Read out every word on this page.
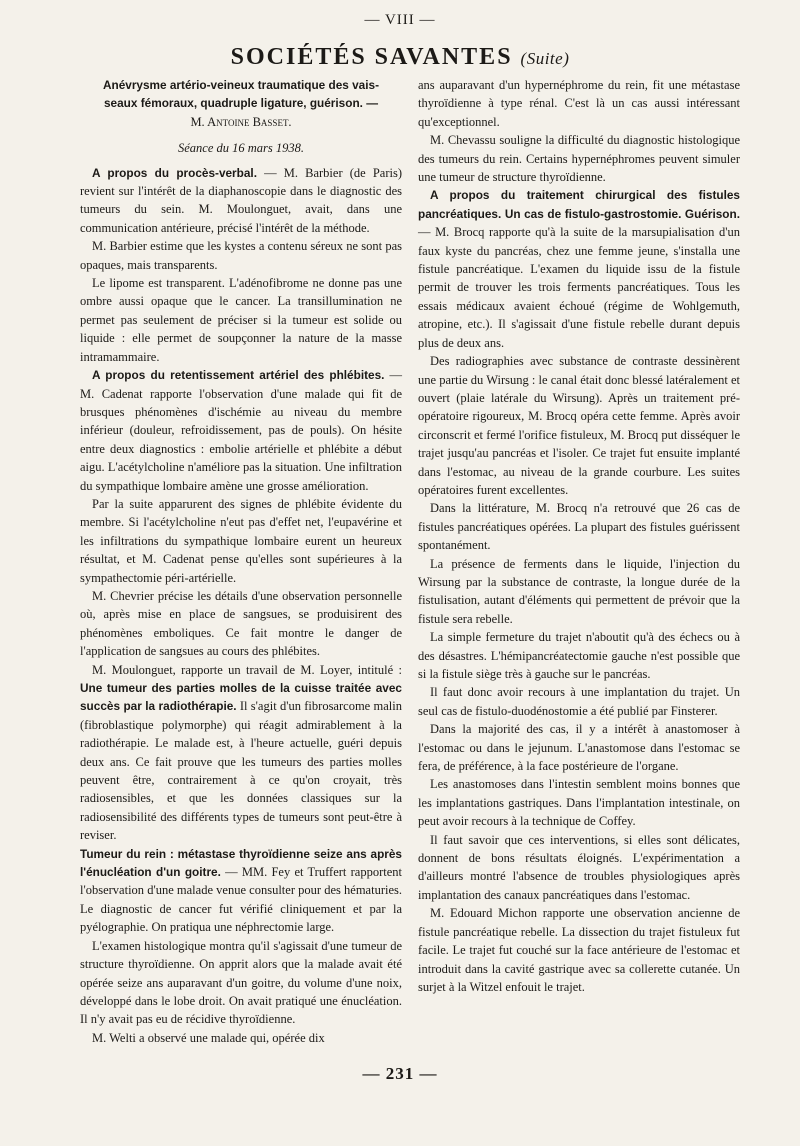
— VIII —
SOCIÉTÉS SAVANTES (Suite)

Anévrysme artério-veineux traumatique des vais-

seaux fémoraux, quadruple ligature, guérison. —

M. Antoine Basset.

Séance du 16 mars 1938.

A propos du procès-verbal. — M. Barbier (de Paris) revient sur l'intérêt de la diaphanoscopie dans le diagnostic des tumeurs du sein. M. Moulonguet, avait, dans une communication antérieure, précisé l'intérêt de la méthode.

M. Barbier estime que les kystes a contenu séreux ne sont pas opaques, mais transparents.

Le lipome est transparent. L'adénofibrome ne donne pas une ombre aussi opaque que le cancer. La transillumination ne permet pas seulement de préciser si la tumeur est solide ou liquide : elle permet de soupçonner la nature de la masse intramammaire.

A propos du retentissement artériel des phlébites. — M. Cadenat rapporte l'observation d'une malade qui fit de brusques phénomènes d'ischémie au niveau du membre inférieur (douleur, refroidissement, pas de pouls). On hésite entre deux diagnostics : embolie artérielle et phlébite a début aigu. L'acétylcholine n'améliore pas la situation. Une infiltration du sympathique lombaire amène une grosse amélioration.

Par la suite apparurent des signes de phlébite évidente du membre. Si l'acétylcholine n'eut pas d'effet net, l'eupavérine et les infiltrations du sympathique lombaire eurent un heureux résultat, et M. Cadenat pense qu'elles sont supérieures à la sympathectomie péri-artérielle.

M. Chevrier précise les détails d'une observation personnelle où, après mise en place de sangsues, se produisirent des phénomènes emboliques. Ce fait montre le danger de l'application de sangsues au cours des phlébites.

M. Moulonguet, rapporte un travail de M. Loyer, intitulé : Une tumeur des parties molles de la cuisse traitée avec succès par la radiothérapie. Il s'agit d'un fibrosarcome malin (fibroblastique polymorphe) qui réagit admirablement à la radiothérapie. Le malade est, à l'heure actuelle, guéri depuis deux ans. Ce fait prouve que les tumeurs des parties molles peuvent être, contrairement à ce qu'on croyait, très radiosensibles, et que les données classiques sur la radiosensibilité des différents types de tumeurs sont peut-être à reviser.

Tumeur du rein : métastase thyroïdienne seize ans après l'énucléation d'un goitre. — MM. Fey et Truffert rapportent l'observation d'une malade venue consulter pour des hématuries. Le diagnostic de cancer fut vérifié cliniquement et par la pyélographie. On pratiqua une néphrectomie large.

L'examen histologique montra qu'il s'agissait d'une tumeur de structure thyroïdienne. On apprit alors que la malade avait été opérée seize ans auparavant d'un goitre, du volume d'une noix, développé dans le lobe droit. On avait pratiqué une énucléation. Il n'y avait pas eu de récidive thyroïdienne.

M. Welti a observé une malade qui, opérée dix

ans auparavant d'un hypernéphrome du rein, fit une métastase thyroïdienne à type rénal. C'est là un cas aussi intéressant qu'exceptionnel.

M. Chevassu souligne la difficulté du diagnostic histologique des tumeurs du rein. Certains hypernéphromes peuvent simuler une tumeur de structure thyroïdienne.

A propos du traitement chirurgical des fistules pancréatiques. Un cas de fistulo-gastrostomie. Guérison. — M. Brocq rapporte qu'à la suite de la marsupialisation d'un faux kyste du pancréas, chez une femme jeune, s'installa une fistule pancréatique. L'examen du liquide issu de la fistule permit de trouver les trois ferments pancréatiques. Tous les essais médicaux avaient échoué (régime de Wohlgemuth, atropine, etc.). Il s'agissait d'une fistule rebelle durant depuis plus de deux ans.

Des radiographies avec substance de contraste dessinèrent une partie du Wirsung : le canal était donc blessé latéralement et ouvert (plaie latérale du Wirsung). Après un traitement pré-opératoire rigoureux, M. Brocq opéra cette femme. Après avoir circonscrit et fermé l'orifice fistuleux, M. Brocq put disséquer le trajet jusqu'au pancréas et l'isoler. Ce trajet fut ensuite implanté dans l'estomac, au niveau de la grande courbure. Les suites opératoires furent excellentes.

Dans la littérature, M. Brocq n'a retrouvé que 26 cas de fistules pancréatiques opérées. La plupart des fistules guérissent spontanément.

La présence de ferments dans le liquide, l'injection du Wirsung par la substance de contraste, la longue durée de la fistulisation, autant d'éléments qui permettent de prévoir que la fistule sera rebelle.

La simple fermeture du trajet n'aboutit qu'à des échecs ou à des désastres. L'hémipancréatectomie gauche n'est possible que si la fistule siège très à gauche sur le pancréas.

Il faut donc avoir recours à une implantation du trajet. Un seul cas de fistulo-duodénostomie a été publié par Finsterer.

Dans la majorité des cas, il y a intérêt à anastomoser à l'estomac ou dans le jejunum. L'anastomose dans l'estomac se fera, de préférence, à la face postérieure de l'organe.

Les anastomoses dans l'intestin semblent moins bonnes que les implantations gastriques. Dans l'implantation intestinale, on peut avoir recours à la technique de Coffey.

Il faut savoir que ces interventions, si elles sont délicates, donnent de bons résultats éloignés. L'expérimentation a d'ailleurs montré l'absence de troubles physiologiques après implantation des canaux pancréatiques dans l'estomac.

M. Edouard Michon rapporte une observation ancienne de fistule pancréatique rebelle. La dissection du trajet fistuleux fut facile. Le trajet fut couché sur la face antérieure de l'estomac et introduit dans la cavité gastrique avec sa collerette cutanée. Un surjet à la Witzel enfouit le trajet.

— 231 —
